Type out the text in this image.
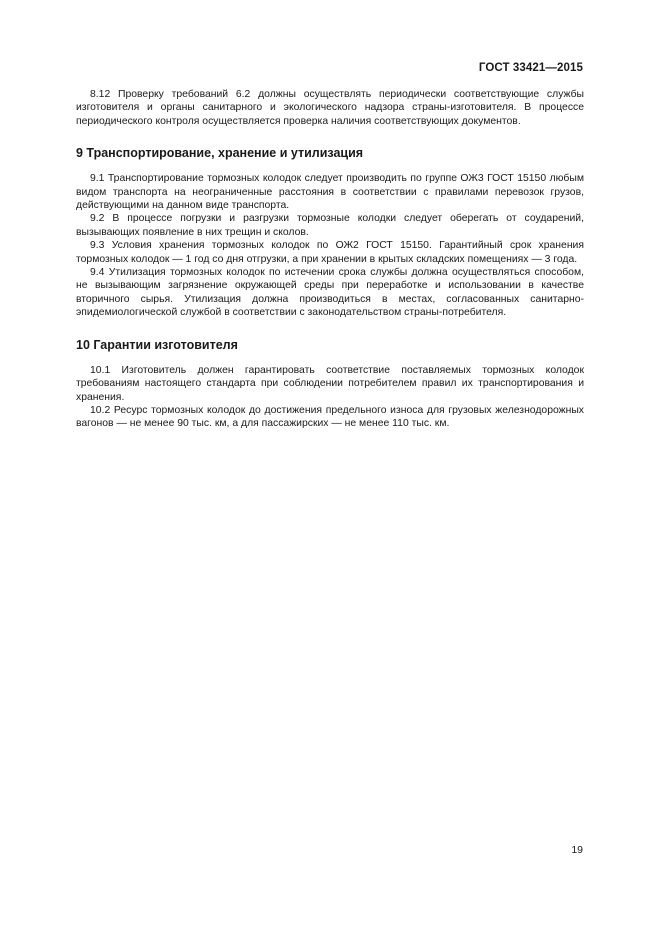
ГОСТ 33421—2015

8.12 Проверку требований 6.2 должны осуществлять периодически соответствующие службы изготовителя и органы санитарного и экологического надзора страны-изготовителя. В процессе периодического контроля осуществляется проверка наличия соответствующих документов.

9 Транспортирование, хранение и утилизация

9.1 Транспортирование тормозных колодок следует производить по группе ОЖ3 ГОСТ 15150 любым видом транспорта на неограниченные расстояния в соответствии с правилами перевозок грузов, действующими на данном виде транспорта.

9.2 В процессе погрузки и разгрузки тормозные колодки следует оберегать от соударений, вызывающих появление в них трещин и сколов.

9.3 Условия хранения тормозных колодок по ОЖ2 ГОСТ 15150. Гарантийный срок хранения тормозных колодок — 1 год со дня отгрузки, а при хранении в крытых складских помещениях — 3 года.

9.4 Утилизация тормозных колодок по истечении срока службы должна осуществляться способом, не вызывающим загрязнение окружающей среды при переработке и использовании в качестве вторичного сырья. Утилизация должна производиться в местах, согласованных санитарно-эпидемиологической службой в соответствии с законодательством страны-потребителя.

10 Гарантии изготовителя

10.1 Изготовитель должен гарантировать соответствие поставляемых тормозных колодок требованиям настоящего стандарта при соблюдении потребителем правил их транспортирования и хранения.

10.2 Ресурс тормозных колодок до достижения предельного износа для грузовых железнодорожных вагонов — не менее 90 тыс. км, а для пассажирских — не менее 110 тыс. км.

19
